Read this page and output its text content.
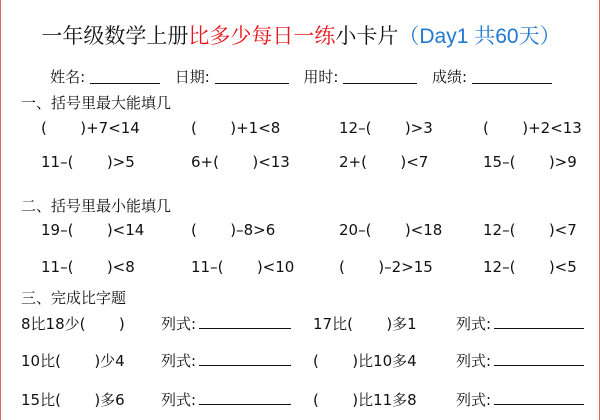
一年级数学上册比多少每日一练小卡片（Day1 共60天）
姓名:	日期:	用时:	成绩:
一、括号里最大能填几
(       )+7<14	(       )+1<8	12–(       )>3	(       )+2<13
11–(       )>5	6+(       )<13	2+(       )<7	15–(       )>9
二、括号里最小能填几
19–(       )<14	(       )–8>6	20–(       )<18	12–(       )<7
11–(       )<8	11–(       )<10	(       )–2>15	12–(       )<5
三、完成比字题
8比18少(       ) 列式:	17比(       )多1	列式:
10比(       )少4 列式:	(       )比10多4	列式:
15比(       )多6 列式:	(       )比11多8	列式:
